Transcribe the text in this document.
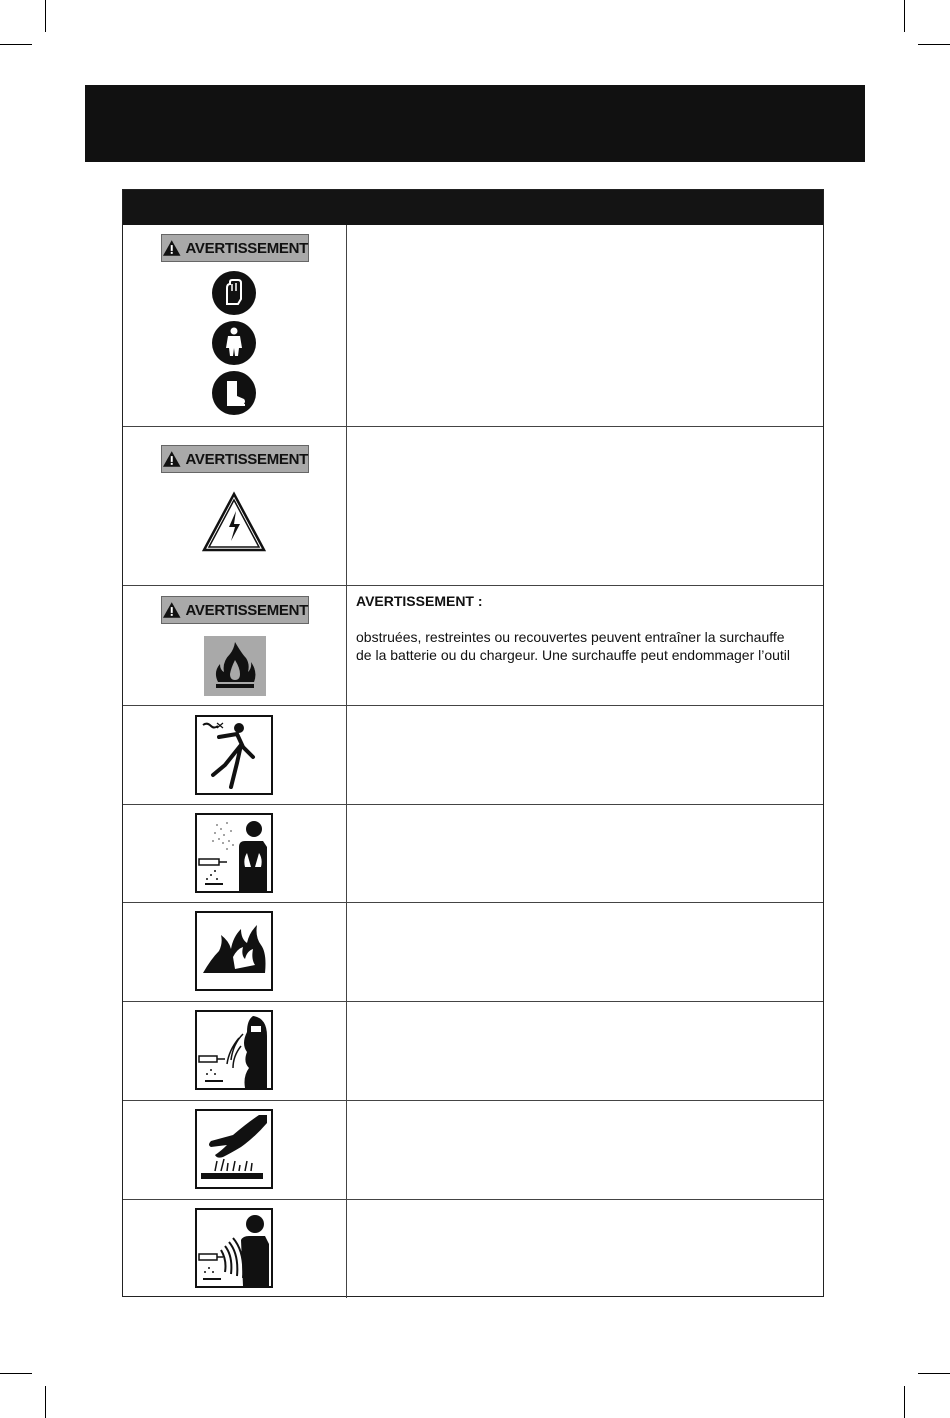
AVERTISSEMENT
AVERTISSEMENT
AVERTISSEMENT
AVERTISSEMENT :
obstruées, restreintes ou recouvertes peuvent entraîner la surchauffe
de la batterie ou du chargeur. Une surchauffe peut endommager l’outil
